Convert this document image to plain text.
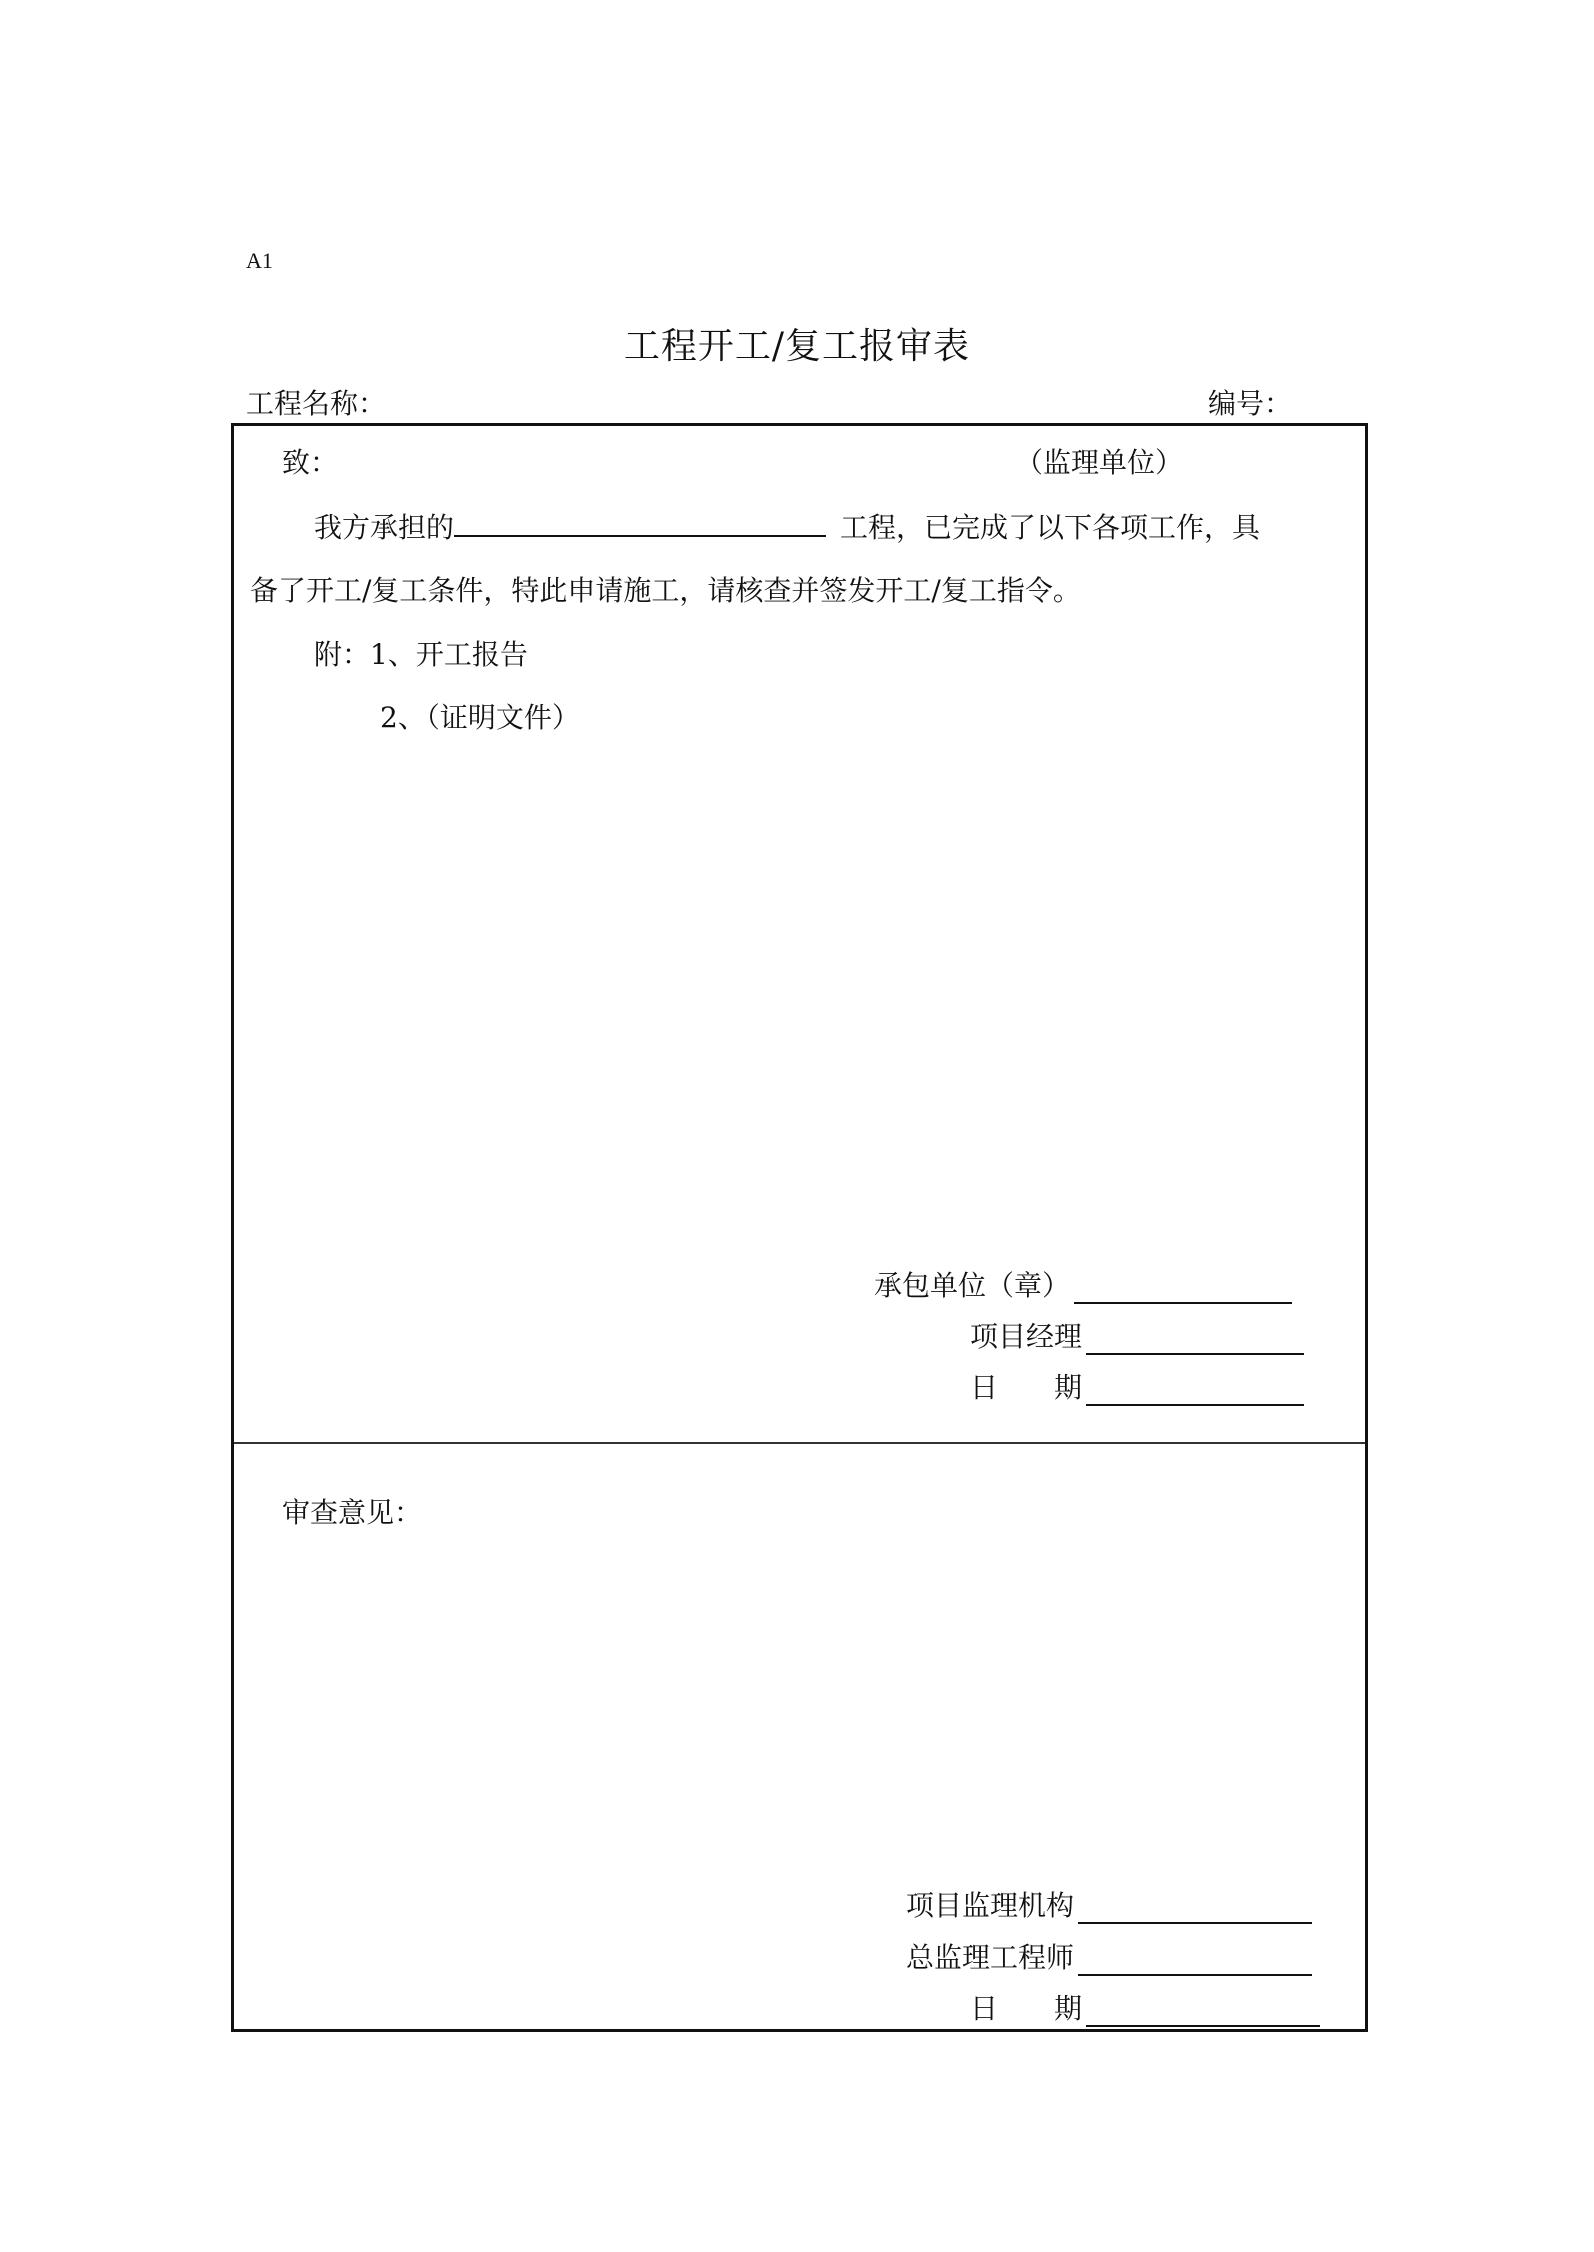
A1
工程开工/复工报审表
工程名称：	编号：
致：	（监理单位）
我方承担的	工程，已完成了以下各项工作，具
备了开工/复工条件，特此申请施工，请核查并签发开工/复工指令。
附：1、开工报告
2、（证明文件）
承包单位（章）
项目经理
日　　期
审查意见：
项目监理机构
总监理工程师
日　　期
